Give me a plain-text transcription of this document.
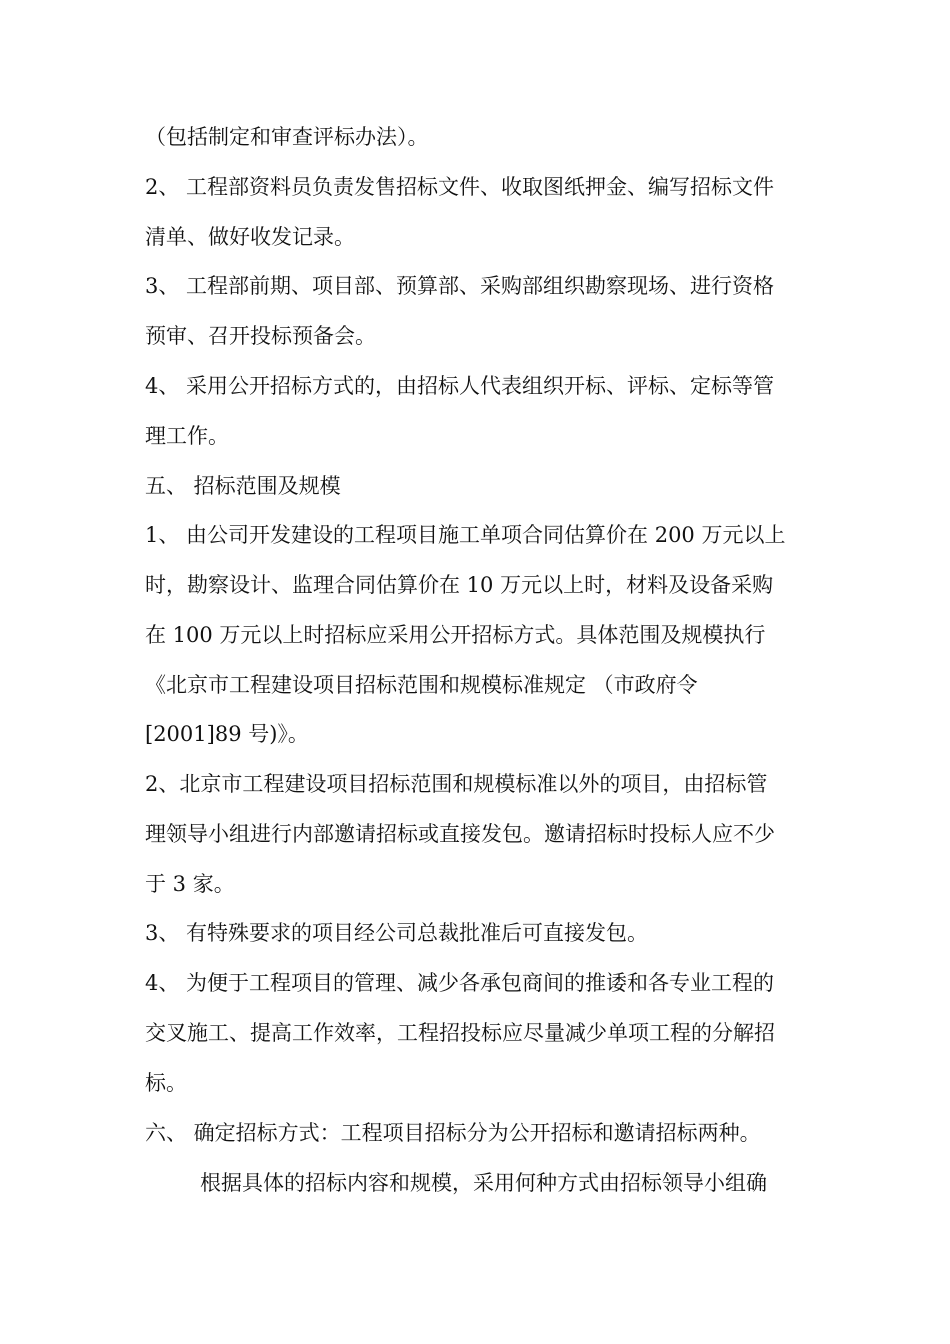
（包括制定和审查评标办法）。
2、 工程部资料员负责发售招标文件、收取图纸押金、编写招标文件
清单、做好收发记录。
3、 工程部前期、项目部、预算部、采购部组织勘察现场、进行资格
预审、召开投标预备会。
4、 采用公开招标方式的，由招标人代表组织开标、评标、定标等管
理工作。
五、 招标范围及规模
1、 由公司开发建设的工程项目施工单项合同估算价在 200 万元以上
时，勘察设计、监理合同估算价在 10 万元以上时，材料及设备采购
在 100 万元以上时招标应采用公开招标方式。具体范围及规模执行
《北京市工程建设项目招标范围和规模标准规定 （市政府令
[2001]89 号)》。
2、北京市工程建设项目招标范围和规模标准以外的项目，由招标管
理领导小组进行内部邀请招标或直接发包。邀请招标时投标人应不少
于 3 家。
3、 有特殊要求的项目经公司总裁批准后可直接发包。
4、 为便于工程项目的管理、减少各承包商间的推诿和各专业工程的
交叉施工、提高工作效率，工程招投标应尽量减少单项工程的分解招
标。
六、 确定招标方式：工程项目招标分为公开招标和邀请招标两种。
根据具体的招标内容和规模，采用何种方式由招标领导小组确
